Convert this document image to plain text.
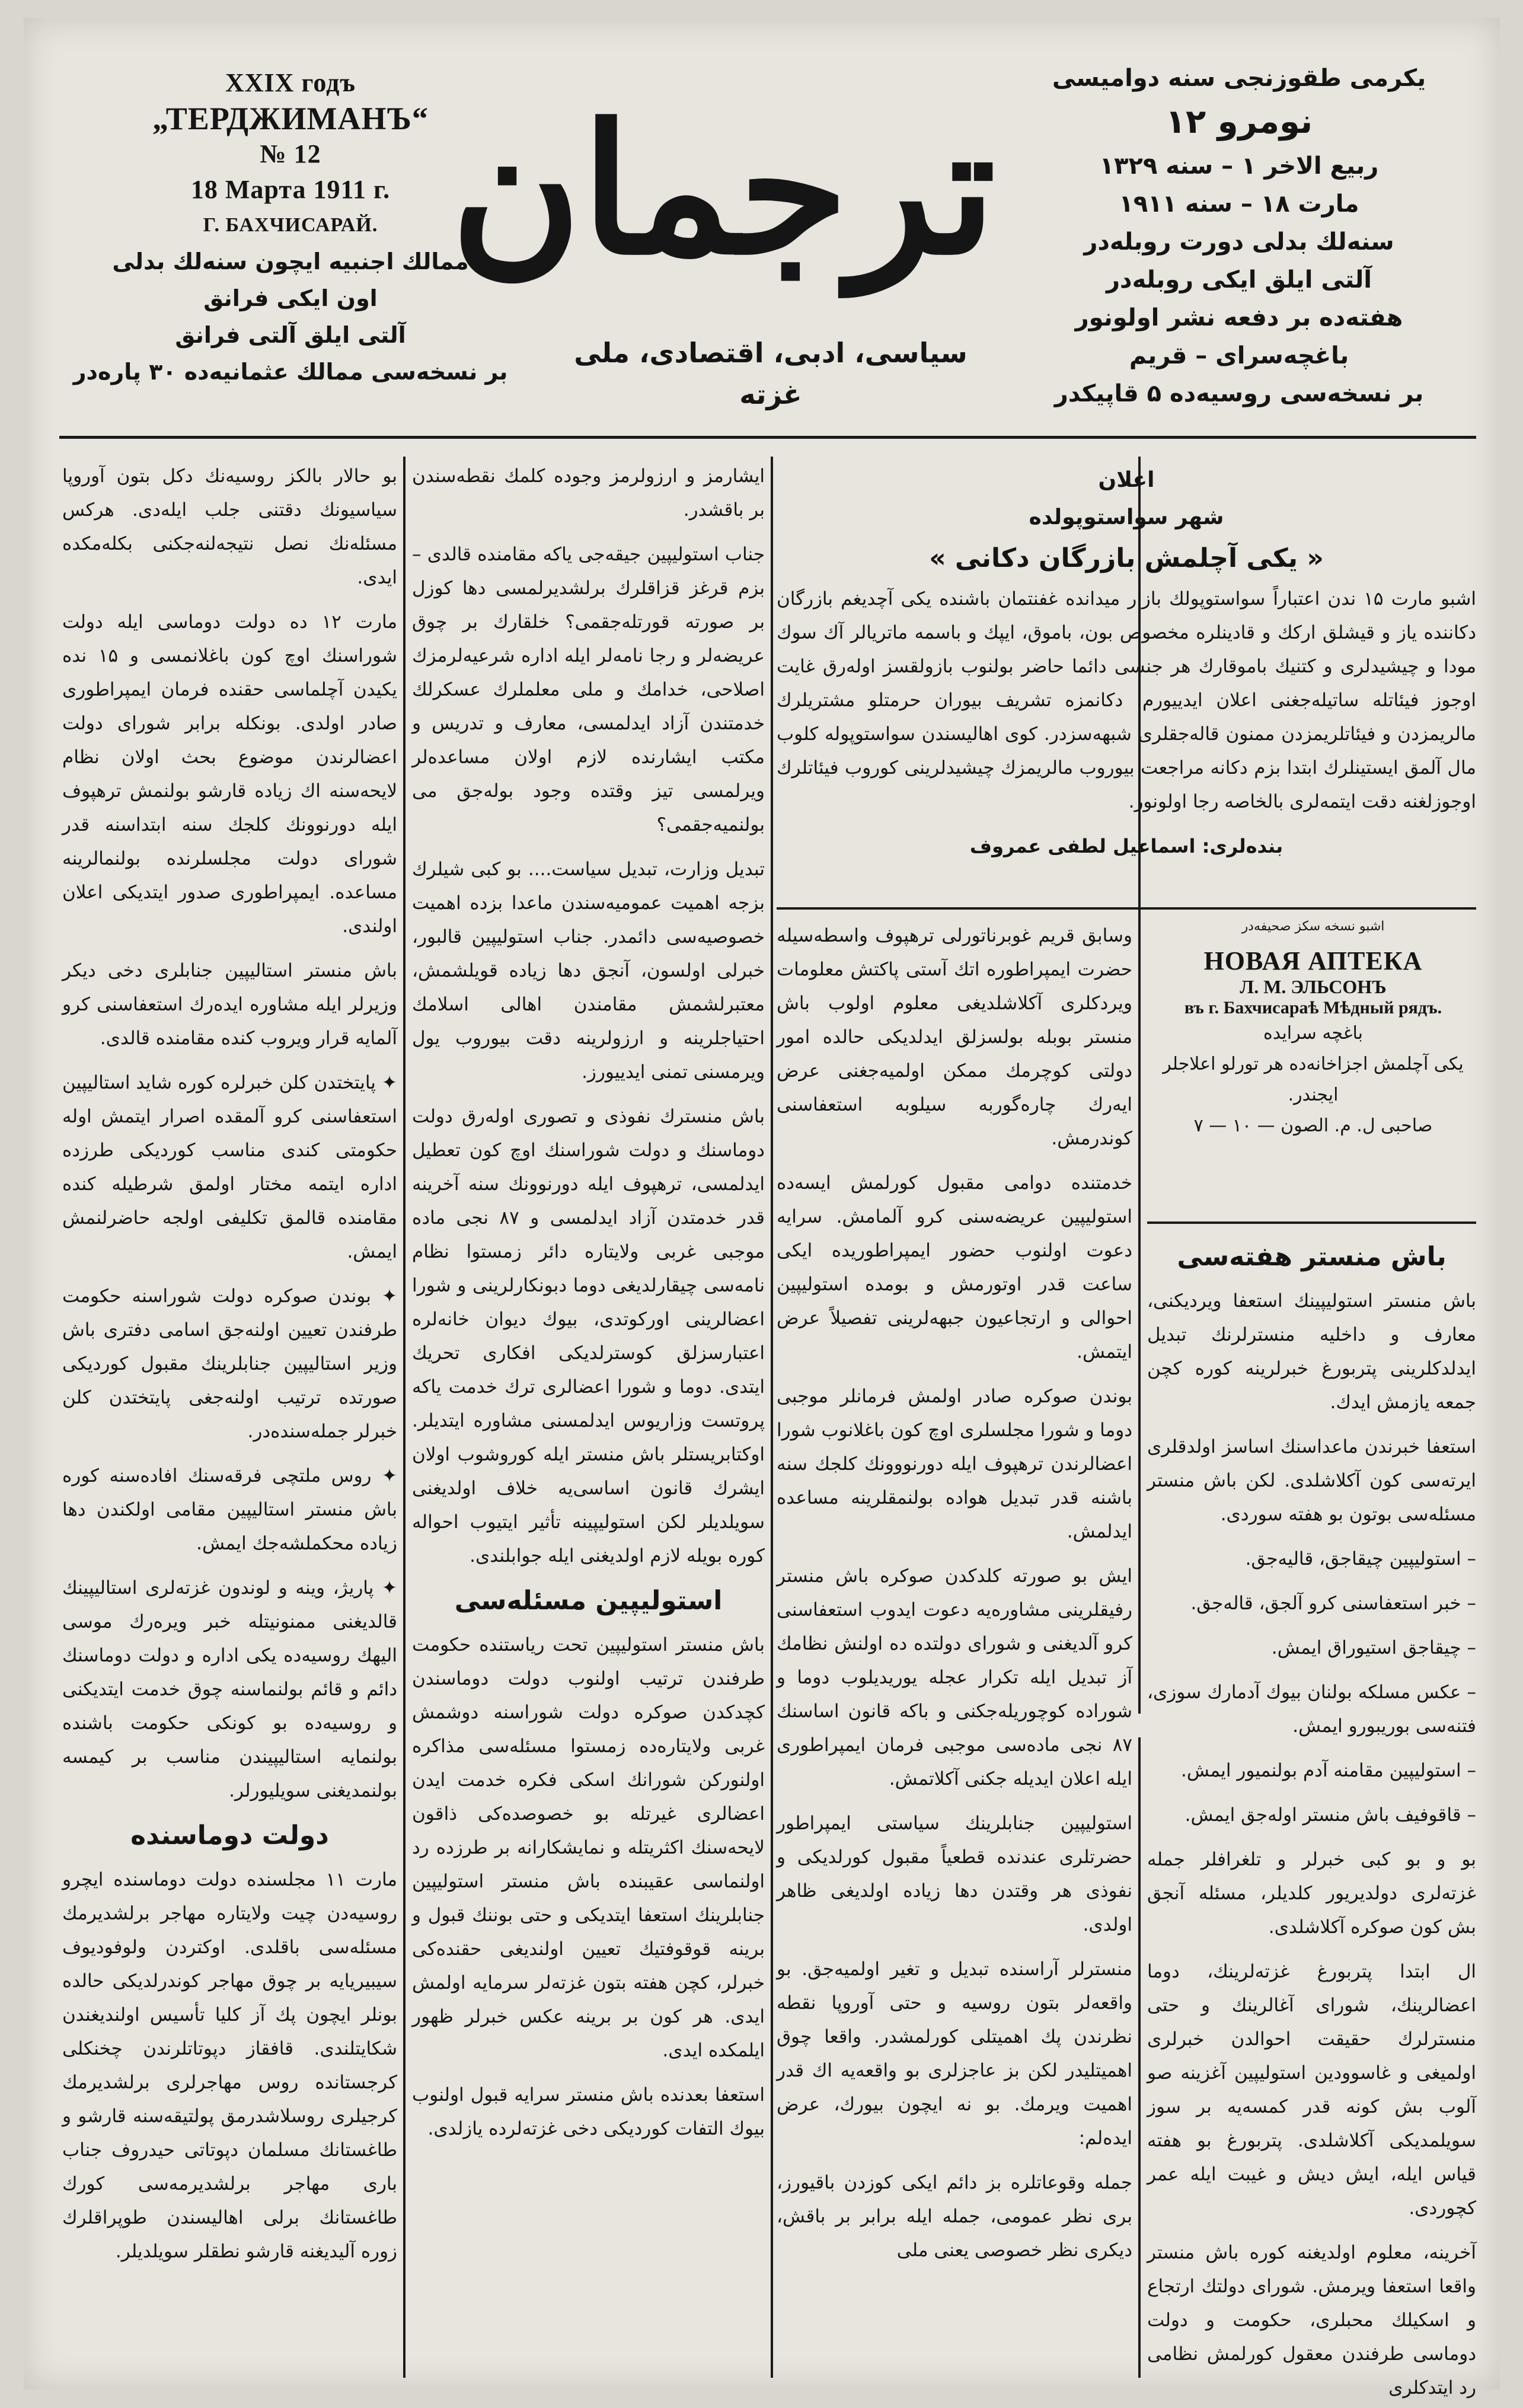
XXIX годъ
„ТЕРДЖИМАНЪ“
№ 12
18 Марта 1911 г.
Г. БАХЧИСАРАЙ.
ممالك اجنبيه ايچون سنه‌لك بدلى
اون ايكى فرانق
آلتى ايلق آلتى فرانق
بر نسخه‌سى ممالك عثمانيه‌ده ۳۰ پاره‌در
ترجمان
سياسى، ادبى، اقتصادى، ملى غزته
يكرمى طقوزنجى سنه دواميسى
نومرو ۱۲
ربيع الاخر ۱ – سنه ۱۳۲۹
مارت ۱۸ – سنه ۱۹۱۱
سنه‌لك بدلى دورت روبله‌در
آلتى ايلق ايكى روبله‌در
هفته‌ده بر دفعه نشر اولونور
باغچه‌سراى – قريم
بر نسخه‌سى روسيه‌ده ۵ قاپيكدر
اعلان
شهر سواستوپولده
« يكى آچلمش بازرگان دكانى »

اشبو مارت ۱۵ ندن اعتباراً سواستوپولك بازار ميدانده غفنتمان باشنده يكى آچديغم بازرگان دكاننده ياز و قيشلق اركك و قادينلره مخصوص بون، باموق، ايپك و باسمه ماتريالر آك سوك مودا و چيشيدلرى و كتنيك باموقارك هر جنسى دائما حاضر بولنوب بازولقسز اولەرق غايت اوجوز فيئاتله ساتيله‌جغنى اعلان ايدييورم. دكانمزه تشريف بيوران حرمتلو مشتريلرك مالريمزدن و فيئاتلريمزدن ممنون قاله‌جقلرى شبهه‌سزدر. كوى اهاليسندن سواستوپوله كلوب مال آلمق ايستينلرك ابتدا بزم دكانه مراجعت بيوروب مالريمزك چيشيدلرينى كوروب فيئاتلرك اوجوزلغنه دقت ايتمه‌لرى بالخاصه رجا اولونور.

بنده‌لرى: اسماعيل لطفى عمروف

وسابق قريم غوبرناتورلى ترهپوف واسطه‌سيله حضرت ايمپراطوره اتك آستى پاكتش معلومات ويردكلرى آكلاشلديغى معلوم اولوب باش منستر بوبله بولسزلق ايدلديكى حالده امور دولتى كوچرمك ممكن اولميه‌جغنى عرض ايەرك چارەگوربه سيلوبه استعفاسنى كوندرمش.

خدمتنده دوامى مقبول كورلمش ايسه‌ده استوليپين عريضه‌سنى كرو آلمامش. سرايه دعوت اولنوب حضور ايمپراطوريده ايكى ساعت قدر اوتورمش و بومده استوليپين احوالى و ارتجاعيون جبهه‌لرينى تفصيلاً عرض ايتمش.

بوندن صوكره صادر اولمش فرمانلر موجبى دوما و شورا مجلسلرى اوچ كون باغلانوب شورا اعضالرندن ترهپوف ايله دورنووونك كلجك سنه باشنه قدر تبديل هواده بولنمقلرينه مساعده ايدلمش.

ايش بو صورته كلدكدن صوكره باش منستر رفيقلرينى مشاوره‌يه دعوت ايدوب استعفاسنى كرو آلديغنى و شوراى دولتده دە اولنش نظامك آز تبديل ايله تكرار عجله يوريديلوب دوما و شوراده كوچوريله‌جكنى و باكه قانون اساسنك ۸۷ نجى ماده‌سى موجبى فرمان ايمپراطورى ايله اعلان ايديله جكنى آكلاتمش.

استوليپين جنابلرينك سياستى ايمپراطور حضرتلرى عندنده قطعياً مقبول كورلديكى و نفوذى هر وقتدن دها زياده اولديغى ظاهر اولدى.

منسترلر آراسنده تبديل و تغير اولميه‌جق. بو واقعه‌لر بتون روسيه و حتى آوروپا نقطه نظرندن پك اهميتلى كورلمشدر. واقعا چوق اهميتليدر لكن بز عاجزلرى بو واقعه‌يه اك قدر اهميت ويرمك. بو نه ايچون بيورك، عرض ايدەلم:

جمله وقوعاتلره بز دائم ايكى كوزدن باقيورز، برى نظر عمومى، جمله ايله برابر بر باقش، ديكرى نظر خصوصى يعنى ملى

اشبو نسخه سكز صحيفه‌در
НОВАЯ АПТЕКА
Л. М. ЭЛЬСОНЪ
въ г. Бахчисараѣ Мѣдный рядъ.
باغچه سرايده
يكى آچلمش اجزاخانه‌ده هر تورلو اعلاجلر ايجندر.
صاحبى ل. م. الصون — ۱۰ — ۷
باش منستر هفته‌سى

باش منستر استوليپينك استعفا ويرديكنى، معارف و داخليه منسترلرنك تبديل ايدلدكلرينى پتربورغ خبرلرينه كوره كچن جمعه يازمش ايدك.

استعفا خبرندن ماعداسنك اساسز اولدقلرى اير‌ته‌سى كون آكلاشلدى. لكن باش منستر مسئله‌سى بوتون بو هفته سوردى.

– استوليپين چيقاجق، قاليه‌جق.

– خبر استعفاسنى كرو آلجق، قاله‌جق.

– چيقاجق استيوراق ايمش.

– عكس مسلكه بولنان بيوك آدمارك سوزى، فتنه‌سى بوريبورو ايمش.

– استوليپين مقامنه آدم بولنميور ايمش.

– قاقوفيف باش منستر اوله‌جق ايمش.

بو و بو كبى خبرلر و تلغرافلر جمله غزته‌لرى دولديريور كلديلر، مسئله آنجق بش كون صوكره آكلاشلدى.

ال ابتدا پتربورغ غزته‌لرينك، دوما اعضالرينك، شوراى آغالرينك و حتى منسترلرك حقيقت احوالدن خبرلرى اولميغى و غاسوودين استوليپين آغزينه صو آلوب بش كونه قدر كمسه‌يه بر سوز سويلمديكى آكلاشلدى. پتربورغ بو هفته قياس ايله، ايش ديش و غيبت ايله عمر كچوردى.

آخرينه، معلوم اولديغنه كوره باش منستر واقعا استعفا ويرمش. شوراى دولتك ارتجاع و اسكيلك محبلرى، حكومت و دولت دوماسى طرفندن معقول كورلمش نظامى رد ايتدكلرى

ايشارمز و ارزولرمز وجوده كلمك نقطه‌سندن بر باقشدر.

جناب استوليپين جيقه‌جى ياكه مقامنده قالدى – بزم قرغز قزاقلرك برلشديرلمسى دها كوزل بر صورته قورتله‌جقمى؟ خلقارك بر چوق عريضه‌لر و رجا نامه‌لر ايله اداره شرعيه‌لرمزك اصلاحى، خدامك و ملى معلملرك عسكرلك خدمتندن آزاد ايدلمسى، معارف و تدريس و مكتب ايشارنده لازم اولان مساعده‌لر ويرلمسى تيز وقتده وجود بوله‌جق مى بولنميه‌جقمى؟

تبديل وزارت، تبديل سياست.... بو كبى شيلرك بزجه اهميت عموميه‌سندن ماعدا بزده اهميت خصوصيه‌سى دائمدر. جناب استوليپين قالبور، خبرلى اولسون، آنجق دها زياده قويلشمش، معتبرلشمش مقامندن اهالى اسلامك احتياجلرينه و ارزولرينه دقت بيوروب يول ويرمسنى تمنى ايدييورز.

باش منسترك نفوذى و تصورى اولەرق دولت دوماسنك و دولت شوراسنك اوچ كون تعطيل ايدلمسى، ترهپوف ايله دورنوونك سنه آخرينه قدر خدمتدن آزاد ايدلمسى و ۸۷ نجى ماده موجبى غربى ولايتاره دائر زمستوا نظام نامه‌سى چيقارلديغى دوما دبونكارلرينى و شورا اعضالرينى اوركوتدى، بيوك ديوان خانه‌لره اعتبارسزلق كوسترلديكى افكارى تحريك ايتدى. دوما و شورا اعضالرى ترك خدمت ياكه پروتست وزاريوس ايدلمسنى مشاوره ايتديلر. اوكتابريستلر باش منستر ايله كوروشوب اولان ايشرك قانون اساسى‌يه خلاف اولديغنى سويلديلر لكن استوليپينه تأثير ايتيوب احواله كوره بويله لازم اولديغنى ايله جوابلندى.

استوليپين مسئله‌سى

باش منستر استوليپين تحت رياستنده حكومت طرفندن ترتيب اولنوب دولت دوماسندن كچدكدن صوكره دولت شوراسنه دوشمش غربى ولايتاره‌ده زمستوا مسئله‌سى مذاكره اولنوركن شورانك اسكى فكره خدمت ايدن اعضالرى غيرتله بو خصوصده‌كى ذاقون لايحه‌سنك اكثريتله و نمايشكارانه بر طرزده رد اولنماسى عقيبنده باش منستر استوليپين جنابلرينك استعفا ايتديكى و حتى بوننك قبول و برينه قوقوفتيك تعيين اولنديغى حقنده‌كى خبرلر، كچن هفته بتون غزته‌لر سرمايه اولمش ايدى. هر كون بر برينه عكس خبرلر ظهور ايلمكده ايدى.

استعفا بعدنده باش منستر سرايه قبول اولنوب بيوك التفات كورديكى دخى غزته‌لرده يازلدى.

بو حالار بالكز روسيه‌نك دكل بتون آوروپا سياسيونك دقتنى جلب ايله‌دى. هركس مسئله‌نك نصل نتيجه‌لنه‌جكنى بكله‌مكده ايدى.

مارت ۱۲ ده دولت دوماسى ايله دولت شوراسنك اوچ كون باغلانمسى و ۱۵ نده يكيدن آچلماسى حقنده فرمان ايمپراطورى صادر اولدى. بونكله برابر شوراى دولت اعضالرندن موضوع بحث اولان نظام لايحه‌سنه اك زياده قارشو بولنمش ترهپوف ايله دورنوونك كلجك سنه ابتداسنه قدر شوراى دولت مجلسلرنده بولنمالرينه مساعده. ايمپراطورى صدور ايتديكى اعلان اولندى.

باش منستر استاليپين جنابلرى دخى ديكر وزيرلر ايله مشاوره ايدەرك استعفاسنى كرو آلمايه قرار ويروب كنده مقامنده قالدى.

✦ پايتختدن كلن خبرلره كوره شايد استاليپين استعفاسنى كرو آلمقده اصرار ايتمش اوله حكومتى كندى مناسب كورديكى طرزده اداره ايتمه مختار اولمق شرطيله كنده مقامنده قالمق تكليفى اولجه حاضرلنمش ايمش.

✦ بوندن صوكره دولت شوراسنه حكومت طرفندن تعيين اولنه‌جق اسامى دفترى باش وزير استاليپين جنابلرينك مقبول كورديكى صورتده ترتيب اولنه‌جغى پايتختدن كلن خبرلر جمله‌سنده‌در.

✦ روس ملتچى فرقه‌سنك افاده‌سنه كوره باش منستر استاليپين مقامى اولكندن دها زياده محكملشه‌جك ايمش.

✦ پاريژ، وينه و لوندون غزته‌لرى استاليپينك قالديغنى ممنونيتله خبر ويرەرك موسى اليهك روسيه‌ده يكى اداره و دولت دوماسنك دائم و قائم بولنماسنه چوق خدمت ايتديكنى و روسيه‌ده بو كونكى حكومت باشنده بولنمايه استاليپيندن مناسب بر كيمسه بولنمديغنى سويليورلر.

دولت دوماسنده

مارت ۱۱ مجلسنده دولت دوماسنده ايچرو روسيه‌دن چيت ولايتاره مهاجر برلشديرمك مسئله‌سى باقلدى. اوكتردن ولوفوديوف سيبيريايه بر چوق مهاجر كوندرلديكى حالده بونلر ايچون پك آز كليا تأسيس اولنديغندن شكايتلندى. قافقاز دپوتاتلرندن چخنكلى كرجستانده روس مهاجرلرى برلشديرمك كرجيلرى روسلاشدرمق پولتيقه‌سنه قارشو و طاغستانك مسلمان دپوتاتى حيدروف جناب بارى مهاجر برلشديرمه‌سى كورك طاغستانك برلى اهاليسندن طوپراقلرك زوره آليديغنه قارشو نطقلر سويلديلر.
